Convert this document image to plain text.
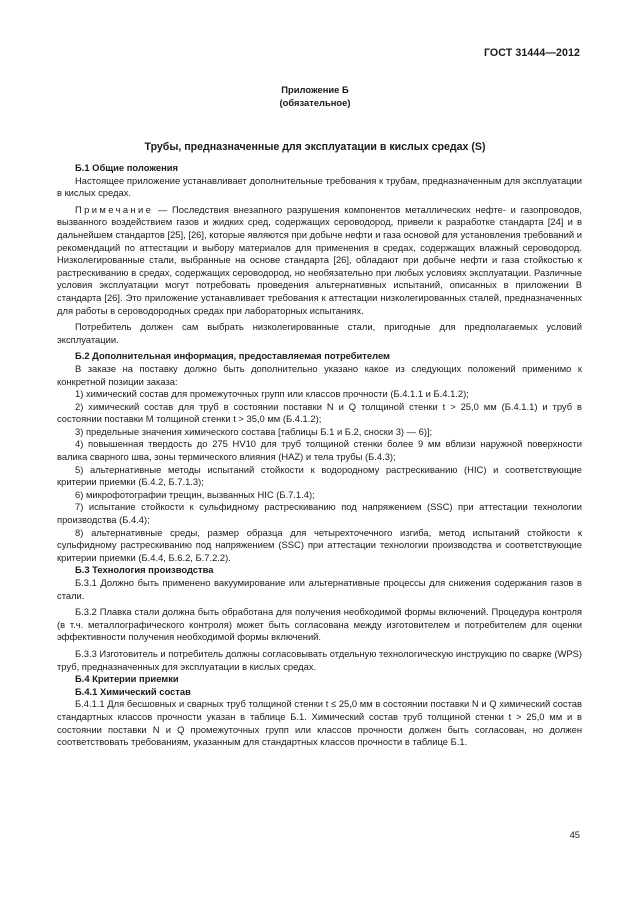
ГОСТ 31444—2012
Приложение Б
(обязательное)
Трубы, предназначенные для эксплуатации в кислых средах (S)

Б.1 Общие положения

Настоящее приложение устанавливает дополнительные требования к трубам, предназначенным для эксплуатации в кислых средах.

Примечание — Последствия внезапного разрушения компонентов металлических нефте- и газопроводов, вызванного воздействием газов и жидких сред, содержащих сероводород, привели к разработке стандарта [24] и в дальнейшем стандартов [25], [26], которые являются при добыче нефти и газа основой для установления требований и рекомендаций по аттестации и выбору материалов для применения в средах, содержащих влажный сероводород. Низколегированные стали, выбранные на основе стандарта [26], обладают при добыче нефти и газа стойкостью к растрескиванию в средах, содержащих сероводород, но необязательно при любых условиях эксплуатации. Различные условия эксплуатации могут потребовать проведения альтернативных испытаний, описанных в приложении В стандарта [26]. Это приложение устанавливает требования к аттестации низколегированных сталей, предназначенных для работы в сероводородных средах при лабораторных испытаниях.

Потребитель должен сам выбрать низколегированные стали, пригодные для предполагаемых условий эксплуатации.

Б.2 Дополнительная информация, предоставляемая потребителем

В заказе на поставку должно быть дополнительно указано какое из следующих положений применимо к конкретной позиции заказа:

1) химический состав для промежуточных групп или классов прочности (Б.4.1.1 и Б.4.1.2);

2) химический состав для труб в состоянии поставки N и Q толщиной стенки t > 25,0 мм (Б.4.1.1) и труб в состоянии поставки M толщиной стенки t > 35,0 мм (Б.4.1.2);

3) предельные значения химического состава [таблицы Б.1 и Б.2, сноски 3) — 6)];

4) повышенная твердость до 275 HV10 для труб толщиной стенки более 9 мм вблизи наружной поверхности валика сварного шва, зоны термического влияния (HAZ) и тела трубы (Б.4.3);

5) альтернативные методы испытаний стойкости к водородному растрескиванию (HIC) и соответствующие критерии приемки (Б.4.2, Б.7.1.3);

6) микрофотографии трещин, вызванных HIC (Б.7.1.4);

7) испытание стойкости к сульфидному растрескиванию под напряжением (SSC) при аттестации технологии производства (Б.4.4);

8) альтернативные среды, размер образца для четырехточечного изгиба, метод испытаний стойкости к сульфидному растрескиванию под напряжением (SSC) при аттестации технологии производства и соответствующие критерии приемки (Б.4.4, Б.6.2, Б.7.2.2).

Б.3 Технология производства

Б.3.1 Должно быть применено вакуумирование или альтернативные процессы для снижения содержания газов в стали.

Б.3.2 Плавка стали должна быть обработана для получения необходимой формы включений. Процедура контроля (в т.ч. металлографического контроля) может быть согласована между изготовителем и потребителем для оценки эффективности получения необходимой формы включений.

Б.3.3 Изготовитель и потребитель должны согласовывать отдельную технологическую инструкцию по сварке (WPS) труб, предназначенных для эксплуатации в кислых средах.

Б.4 Критерии приемки

Б.4.1 Химический состав

Б.4.1.1 Для бесшовных и сварных труб толщиной стенки t ≤ 25,0 мм в состоянии поставки N и Q химический состав стандартных классов прочности указан в таблице Б.1. Химический состав труб толщиной стенки t > 25,0 мм и в состоянии поставки N и Q промежуточных групп или классов прочности должен быть согласован, но должен соответствовать требованиям, указанным для стандартных классов прочности в таблице Б.1.

45
